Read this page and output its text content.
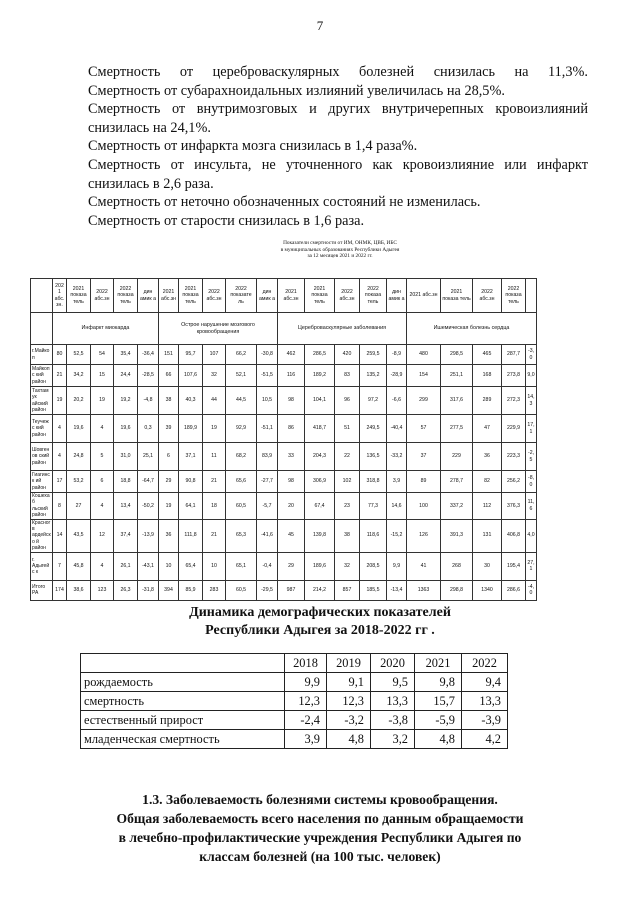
7

Смертность от цереброваскулярных болезней снизилась на 11,3%.

Смертность от субарахноидальных излияний увеличилась на 28,5%.

Смертность от внутримозговых и других внутричерепных кровоизлияний снизилась на 24,1%.

Смертность от инфаркта мозга снизилась в 1,4 раза%.

Смертность от инсульта, не уточненного как кровоизлияние или инфаркт снизилась в 2,6 раза.

Смертность от неточно обозначенных состояний не изменилась.

Смертность от старости снизилась в 1,6 раза.

Показатели смертности от ИМ, ОНМК, ЦВБ, ИБС
в муниципальных образованиях Республики Адыгея
за 12 месяцев 2021 и 2022 гг.
	2021 абс. зн.	2021 показа тель	2022 абс.зн	2022 показа тель	дин амик а	2021 абс.зн	2021 показа тель	2022 абс.зн	2022 показате ль	дин амик а	2021 абс.зн	2021 показа тель	2022 абс.зн	2022 показа тель	дин амик а	2021 абс.зн	2021 показа тель	2022 абс.зн	2022 показа тель	
	Инфаркт миокарда					Острое нарушение мозгового кровообращения					Цереброваскулярные заболевания					Ишемическая болезнь сердца				
г.Майкоп	80	52,5	54	35,4	-36,4	151	95,7	107	66,2	-30,8	462	286,5	420	259,5	-8,9	480	298,5	465	287,7	-3,0
Майкопс кий район	21	34,2	15	24,4	-28,5	66	107,6	32	52,1	-51,5	116	189,2	83	135,2	-28,9	154	251,1	168	273,8	9,0
Тахтамук айский район	19	20,2	19	19,2	-4,8	38	40,3	44	44,5	10,5	98	104,1	96	97,2	-6,6	299	317,6	289	272,3	14,3
Теучежс кий район	4	19,6	4	19,6	0,3	39	189,9	19	92,9	-51,1	86	418,7	51	249,5	-40,4	57	277,5	47	229,9	17,1
Шовгенов ский район	4	24,8	5	31,0	25,1	6	37,1	11	68,2	83,9	33	204,3	22	136,5	-33,2	37	229	36	223,3	-2,5
Гиагинск ий район	17	53,2	6	18,8	-64,7	29	90,8	21	65,6	-27,7	98	306,9	102	318,8	3,9	89	278,7	82	256,2	-8,0
Кошехаб льский район	8	27	4	13,4	-50,2	19	64,1	18	60,5	-5,7	20	67,4	23	77,3	14,6	100	337,2	112	376,3	11,6
Красногв ардейско й район	14	43,5	12	37,4	-13,9	36	111,8	21	65,3	-41,6	45	139,8	38	118,6	-15,2	126	391,3	131	406,8	4,0
г. Адыгейс к	7	45,8	4	26,1	-43,1	10	65,4	10	65,1	-0,4	29	189,6	32	208,5	9,9	41	268	30	195,4	27,1
Итого РА	174	38,6	123	26,3	-31,8	394	85,9	283	60,5	-29,5	987	214,2	857	185,5	-13,4	1363	298,8	1340	286,6	-4,0
Динамика демографических показателей
Республики Адыгея за 2018-2022 гг .
	2018	2019	2020	2021	2022
рождаемость	9,9	9,1	9,5	9,8	9,4
смертность	12,3	12,3	13,3	15,7	13,3
естественный прирост	-2,4	-3,2	-3,8	-5,9	-3,9
младенческая смертность	3,9	4,8	3,2	4,8	4,2
1.3. Заболеваемость болезнями системы кровообращения.
Общая заболеваемость всего населения по данным обращаемости
в лечебно-профилактические учреждения Республики Адыгея по
классам болезней (на 100 тыс. человек)
